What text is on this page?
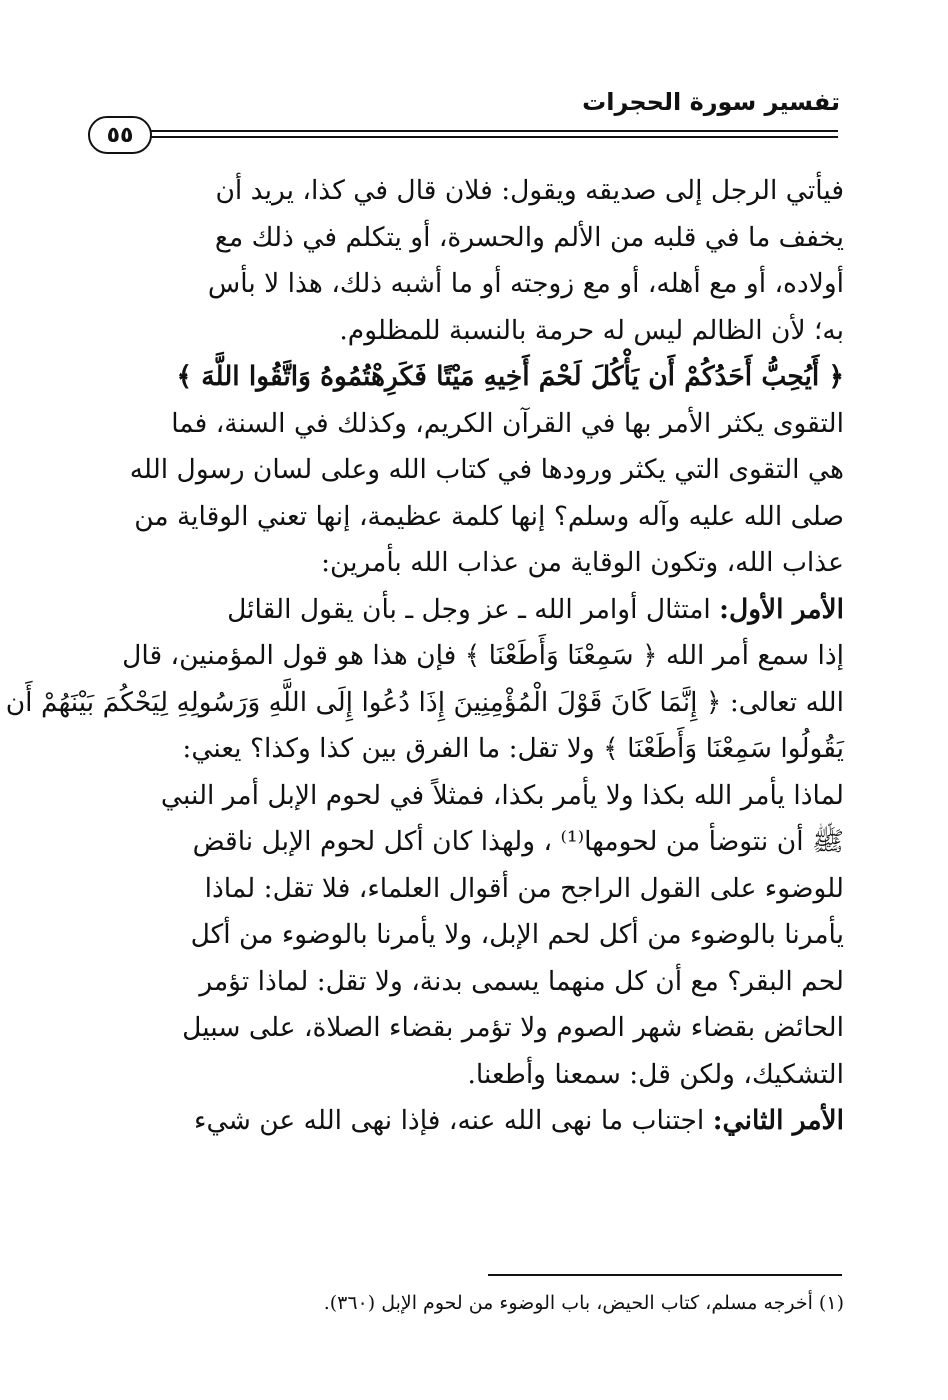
تفسير سورة الحجرات
٥٥
فيأتي الرجل إلى صديقه ويقول: فلان قال في كذا، يريد أن
يخفف ما في قلبه من الألم والحسرة، أو يتكلم في ذلك مع
أولاده، أو مع أهله، أو مع زوجته أو ما أشبه ذلك، هذا لا بأس
به؛ لأن الظالم ليس له حرمة بالنسبة للمظلوم.
﴿ أَيُحِبُّ أَحَدُكُمْ أَن يَأْكُلَ لَحْمَ أَخِيهِ مَيْتًا فَكَرِهْتُمُوهُ وَاتَّقُوا اللَّهَ ﴾
التقوى يكثر الأمر بها في القرآن الكريم، وكذلك في السنة، فما
هي التقوى التي يكثر ورودها في كتاب الله وعلى لسان رسول الله
صلى الله عليه وآله وسلم؟ إنها كلمة عظيمة، إنها تعني الوقاية من
عذاب الله، وتكون الوقاية من عذاب الله بأمرين:
الأمر الأول: امتثال أوامر الله ـ عز وجل ـ بأن يقول القائل
إذا سمع أمر الله ﴿ سَمِعْنَا وَأَطَعْنَا ﴾ فإن هذا هو قول المؤمنين، قال
الله تعالى: ﴿ إِنَّمَا كَانَ قَوْلَ الْمُؤْمِنِينَ إِذَا دُعُوا إِلَى اللَّهِ وَرَسُولِهِ لِيَحْكُمَ بَيْنَهُمْ أَن
يَقُولُوا سَمِعْنَا وَأَطَعْنَا ﴾ ولا تقل: ما الفرق بين كذا وكذا؟ يعني:
لماذا يأمر الله بكذا ولا يأمر بكذا، فمثلاً في لحوم الإبل أمر النبي
ﷺ أن نتوضأ من لحومها⁽¹⁾ ، ولهذا كان أكل لحوم الإبل ناقض
للوضوء على القول الراجح من أقوال العلماء، فلا تقل: لماذا
يأمرنا بالوضوء من أكل لحم الإبل، ولا يأمرنا بالوضوء من أكل
لحم البقر؟ مع أن كل منهما يسمى بدنة، ولا تقل: لماذا تؤمر
الحائض بقضاء شهر الصوم ولا تؤمر بقضاء الصلاة، على سبيل
التشكيك، ولكن قل: سمعنا وأطعنا.
الأمر الثاني: اجتناب ما نهى الله عنه، فإذا نهى الله عن شيء
(١) أخرجه مسلم، كتاب الحيض، باب الوضوء من لحوم الإبل (٣٦٠).
